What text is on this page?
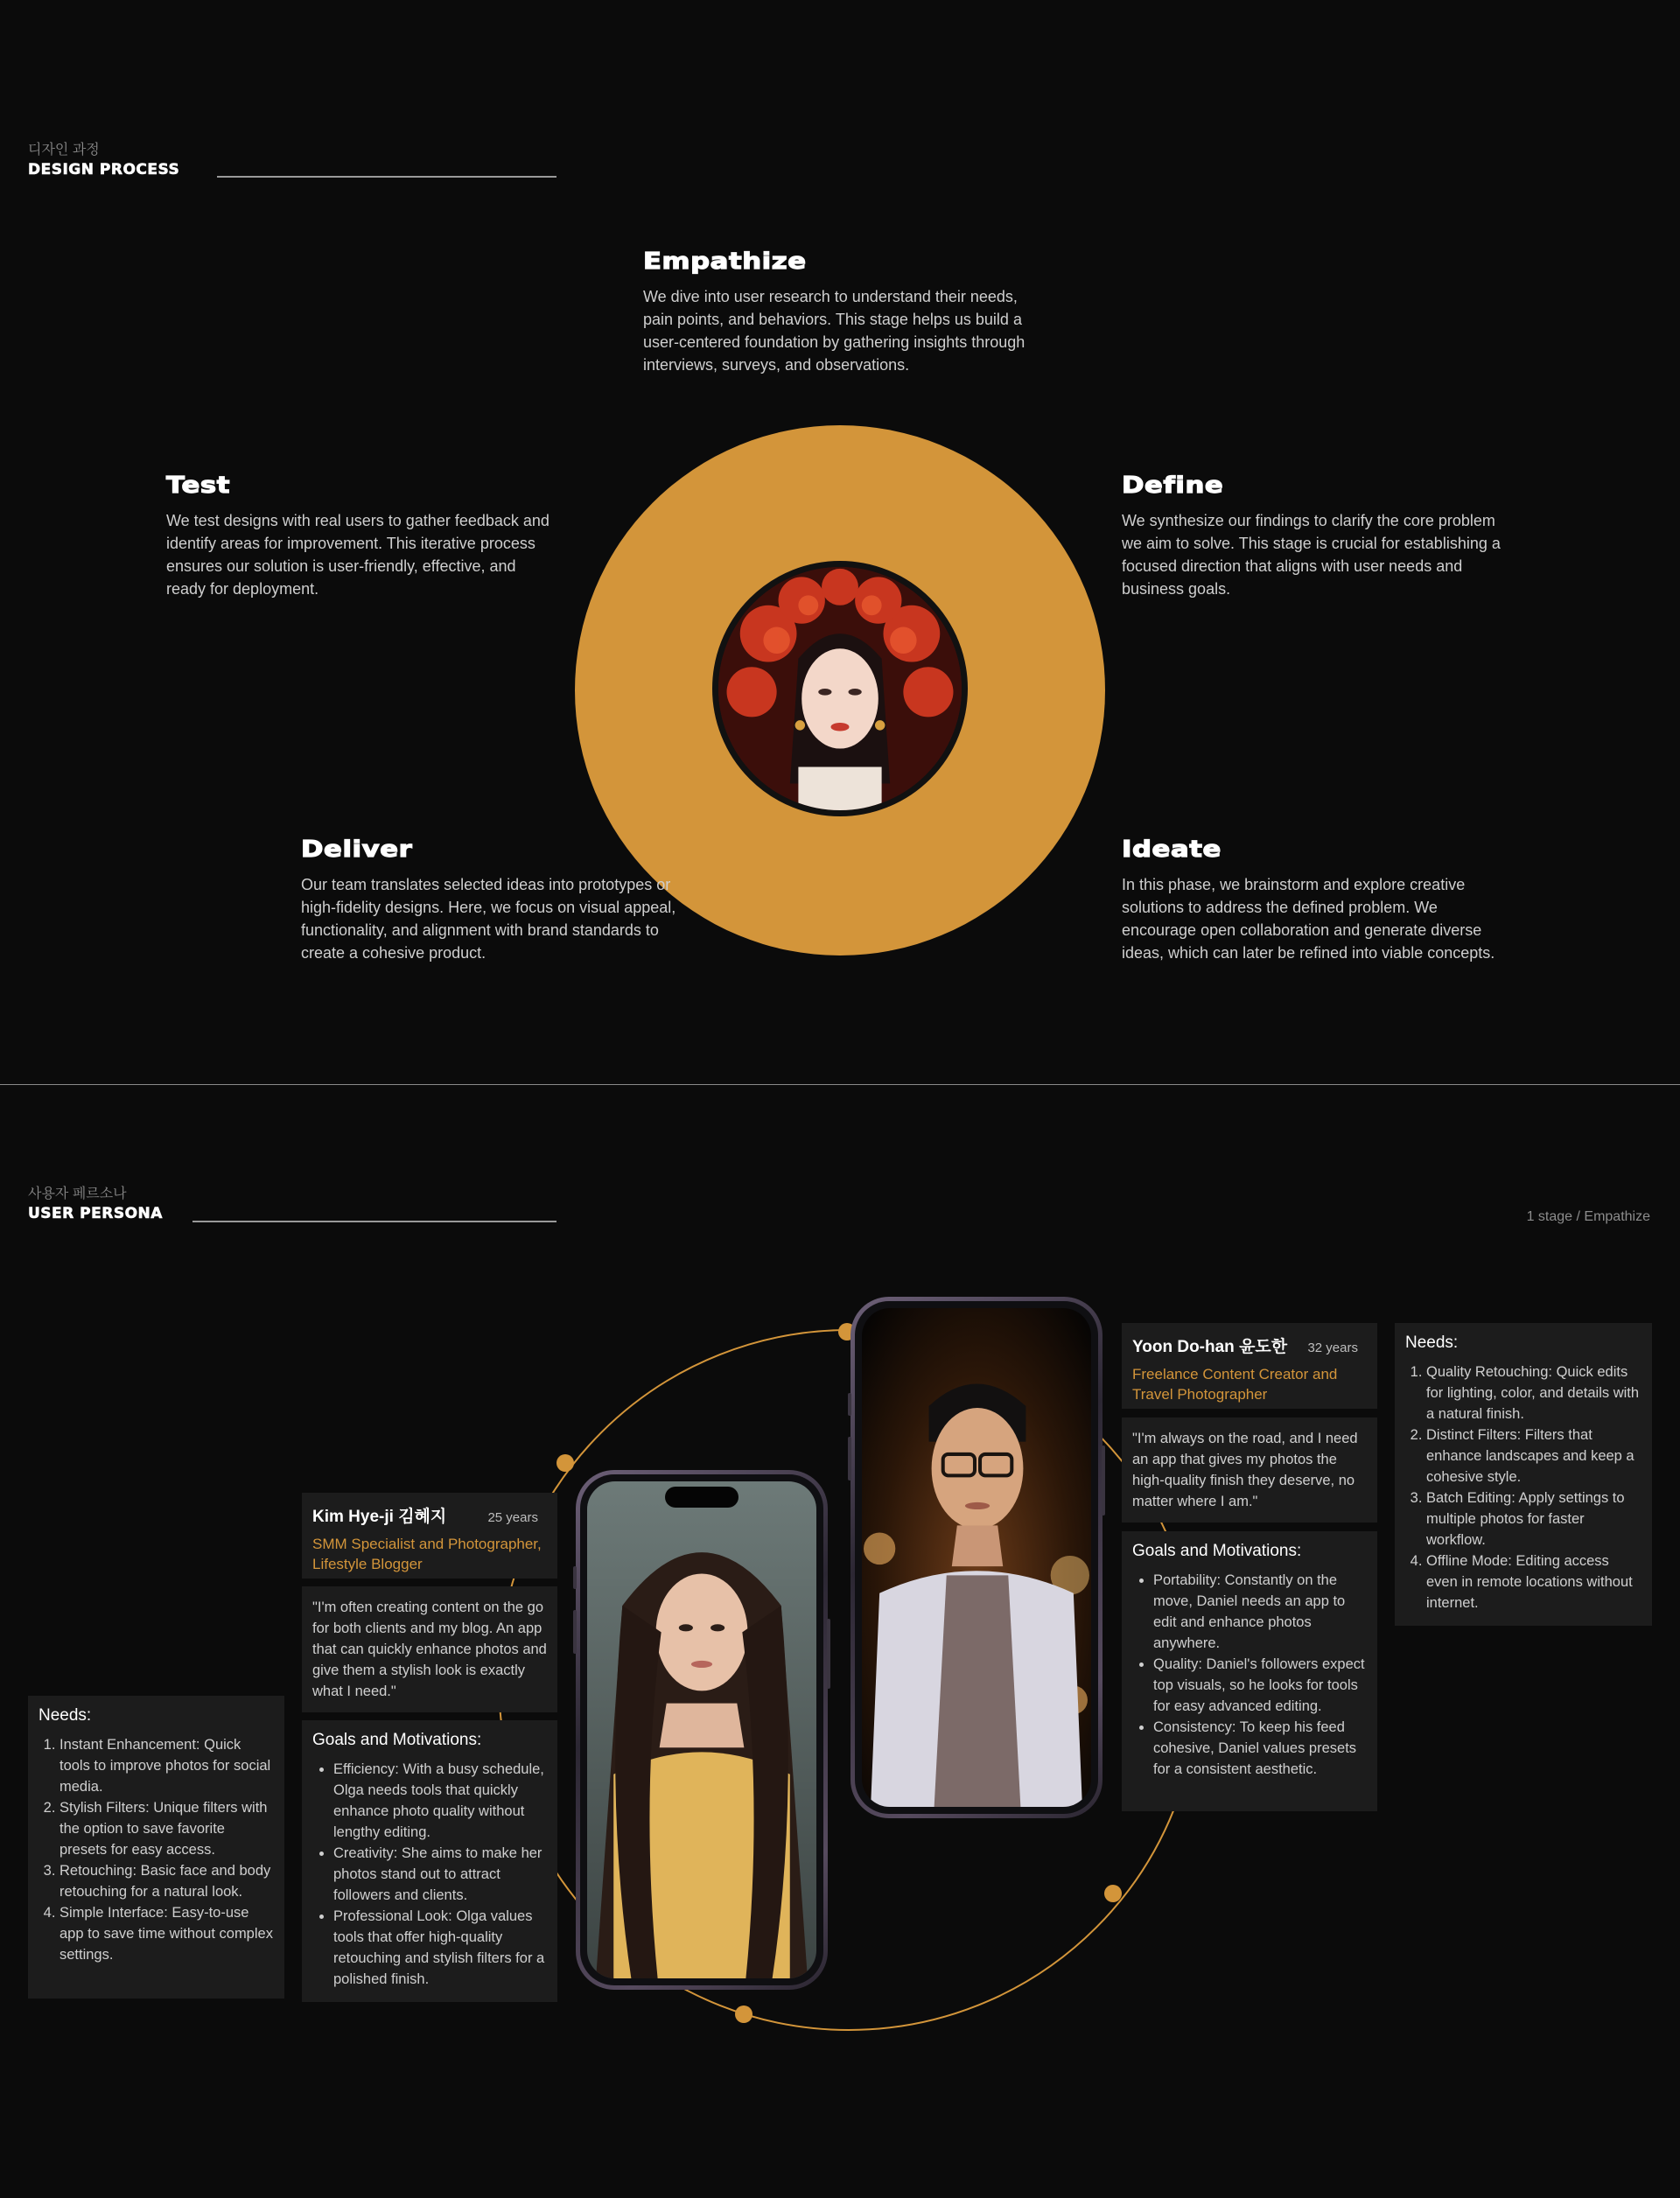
디자인 과정
DESIGN PROCESS
Empathize
We dive into user research to understand their needs, pain points, and behaviors. This stage helps us build a user-centered foundation by gathering insights through interviews, surveys, and observations.
Define
We synthesize our findings to clarify the core problem we aim to solve. This stage is crucial for establishing a focused direction that aligns with user needs and business goals.
Ideate
In this phase, we brainstorm and explore creative solutions to address the defined problem. We encourage open collaboration and generate diverse ideas, which can later be refined into viable concepts.
Deliver
Our team translates selected ideas into prototypes or high-fidelity designs. Here, we focus on visual appeal, functionality, and alignment with brand standards to create a cohesive product.
Test
We test designs with real users to gather feedback and identify areas for improvement. This iterative process ensures our solution is user-friendly, effective, and ready for deployment.
사용자 페르소나
USER PERSONA	1 stage / Empathize
Kim Hye-ji 김혜지	25 years
SMM Specialist and Photographer, Lifestyle Blogger
"I'm often creating content on the go for both clients and my blog. An app that can quickly enhance photos and give them a stylish look is exactly what I need."
Goals and Motivations:
• Efficiency: With a busy schedule, Olga needs tools that quickly enhance photo quality without lengthy editing.
• Creativity: She aims to make her photos stand out to attract followers and clients.
• Professional Look: Olga values tools that offer high-quality retouching and stylish filters for a polished finish.
Needs:
1. Instant Enhancement: Quick tools to improve photos for social media.
2. Stylish Filters: Unique filters with the option to save favorite presets for easy access.
3. Retouching: Basic face and body retouching for a natural look.
4. Simple Interface: Easy-to-use app to save time without complex settings.
Yoon Do-han 윤도한 32 years
Freelance Content Creator and Travel Photographer
"I'm always on the road, and I need an app that gives my photos the high-quality finish they deserve, no matter where I am."
Goals and Motivations:
• Portability: Constantly on the move, Daniel needs an app to edit and enhance photos anywhere.
• Quality: Daniel's followers expect top visuals, so he looks for tools for easy advanced editing.
• Consistency: To keep his feed cohesive, Daniel values presets for a consistent aesthetic.
Needs:
1. Quality Retouching: Quick edits for lighting, color, and details with a natural finish.
2. Distinct Filters: Filters that enhance landscapes and keep a cohesive style.
3. Batch Editing: Apply settings to multiple photos for faster workflow.
4. Offline Mode: Editing access even in remote locations without internet.
